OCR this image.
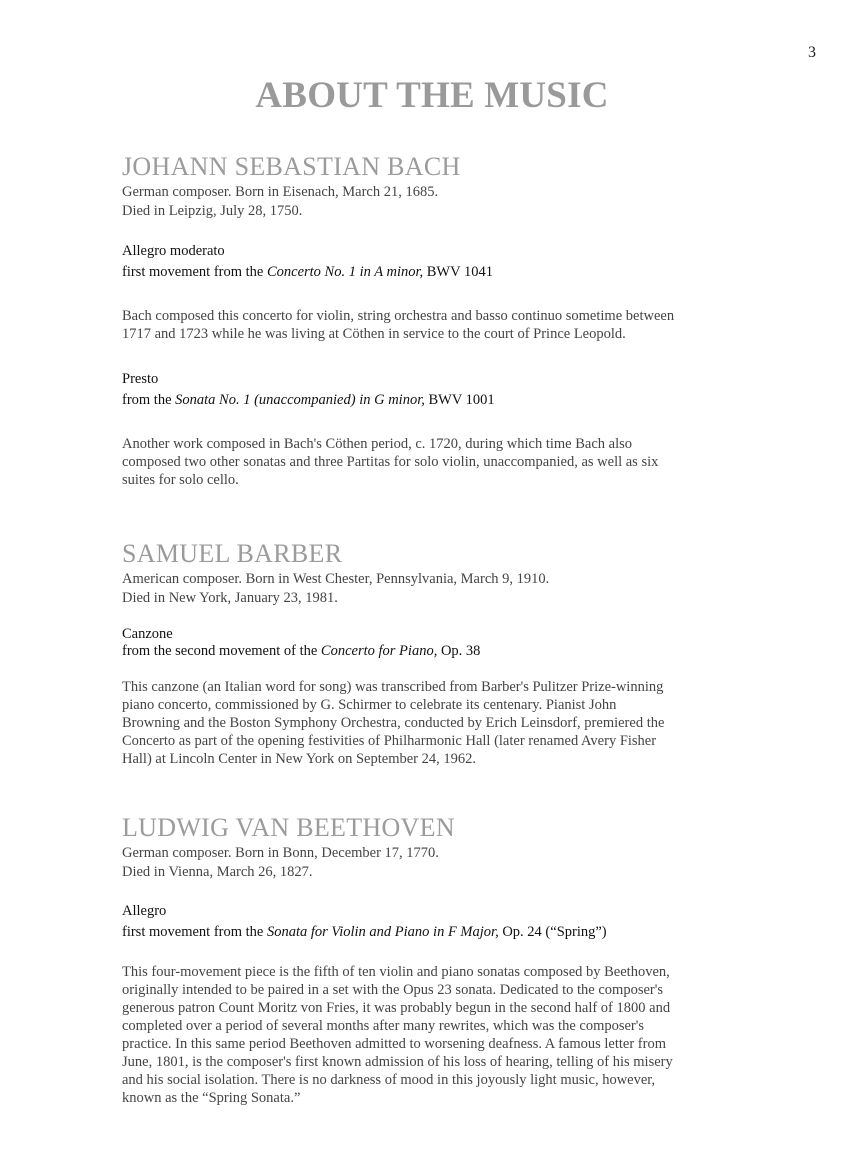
3
ABOUT THE MUSIC
JOHANN SEBASTIAN BACH

German composer. Born in Eisenach, March 21, 1685.

Died in Leipzig, July 28, 1750.

Allegro moderato

first movement from the Concerto No. 1 in A minor, BWV 1041

Bach composed this concerto for violin, string orchestra and basso continuo sometime between

1717 and 1723 while he was living at Cöthen in service to the court of Prince Leopold.

Presto

from the Sonata No. 1 (unaccompanied) in G minor, BWV 1001

Another work composed in Bach's Cöthen period, c. 1720, during which time Bach also

composed two other sonatas and three Partitas for solo violin, unaccompanied, as well as six

suites for solo cello.

SAMUEL BARBER

American composer. Born in West Chester, Pennsylvania, March 9, 1910.

Died in New York, January 23, 1981.

Canzone

from the second movement of the Concerto for Piano, Op. 38

This canzone (an Italian word for song) was transcribed from Barber's Pulitzer Prize-winning

piano concerto, commissioned by G. Schirmer to celebrate its centenary. Pianist John

Browning and the Boston Symphony Orchestra, conducted by Erich Leinsdorf, premiered the

Concerto as part of the opening festivities of Philharmonic Hall (later renamed Avery Fisher

Hall) at Lincoln Center in New York on September 24, 1962.

LUDWIG VAN BEETHOVEN

German composer. Born in Bonn, December 17, 1770.

Died in Vienna, March 26, 1827.

Allegro

first movement from the Sonata for Violin and Piano in F Major, Op. 24 (“Spring”)

This four-movement piece is the fifth of ten violin and piano sonatas composed by Beethoven,

originally intended to be paired in a set with the Opus 23 sonata. Dedicated to the composer's

generous patron Count Moritz von Fries, it was probably begun in the second half of 1800 and

completed over a period of several months after many rewrites, which was the composer's

practice. In this same period Beethoven admitted to worsening deafness. A famous letter from

June, 1801, is the composer's first known admission of his loss of hearing, telling of his misery

and his social isolation. There is no darkness of mood in this joyously light music, however,

known as the “Spring Sonata.”
